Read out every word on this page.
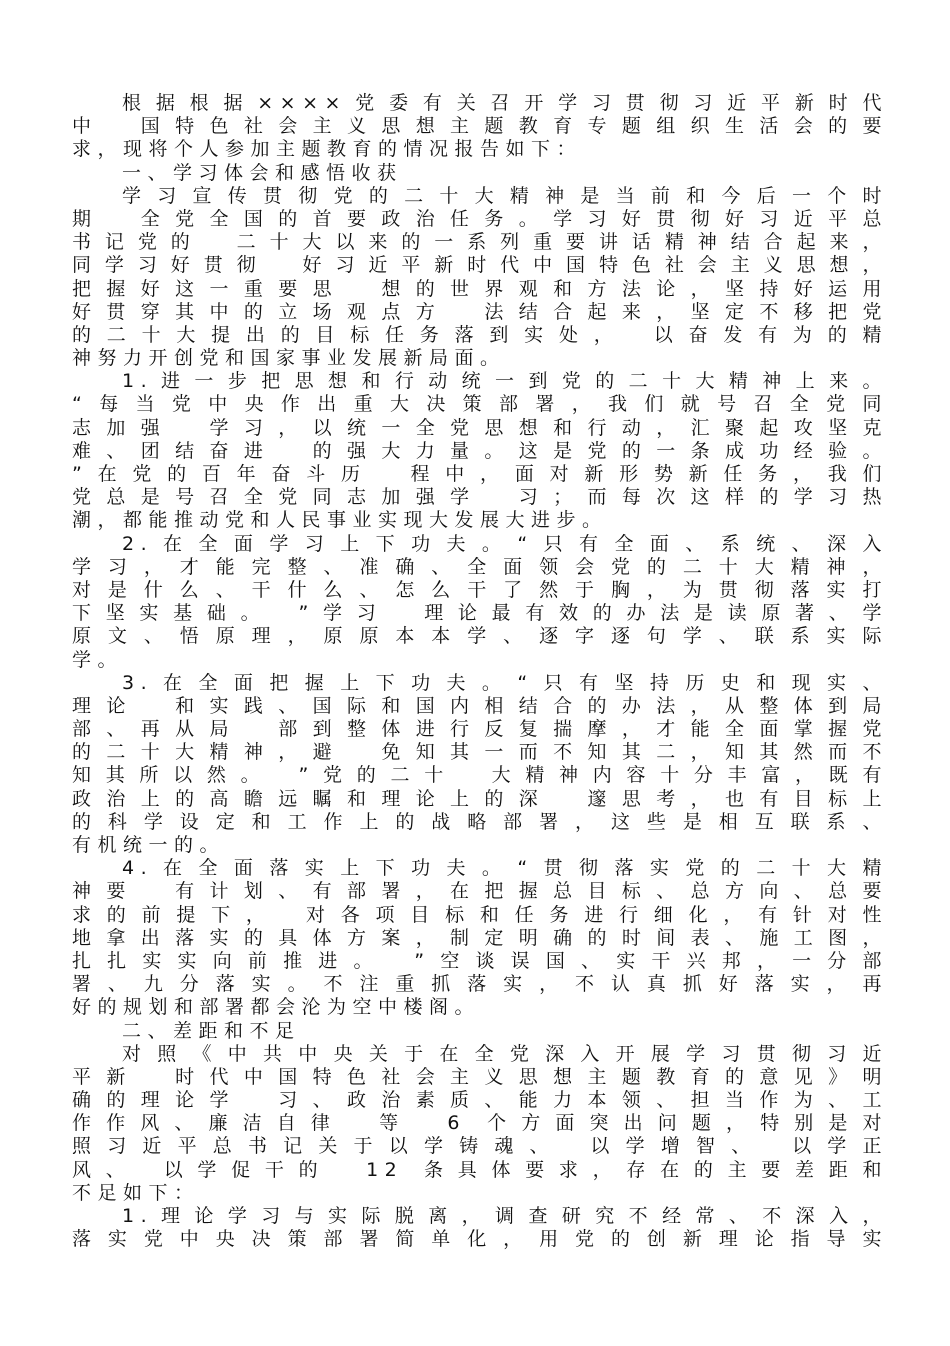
根据根据××××党委有关召开学习贯彻习近平新时代
中　国特色社会主义思想主题教育专题组织生活会的要
求，现将个人参加主题教育的情况报告如下：
一、学习体会和感悟收获
学习宣传贯彻党的二十大精神是当前和今后一个时
期　全党全国的首要政治任务。学习好贯彻好习近平总
书记党的　二十大以来的一系列重要讲话精神结合起来，
同学习好贯彻　好习近平新时代中国特色社会主义思想，
把握好这一重要思　想的世界观和方法论，坚持好运用
好贯穿其中的立场观点方　法结合起来，坚定不移把党
的二十大提出的目标任务落到实处，　以奋发有为的精
神努力开创党和国家事业发展新局面。
1.进一步把思想和行动统一到党的二十大精神上来。
“每当党中央作出重大决策部署，我们就号召全党同
志加强　学习，以统一全党思想和行动，汇聚起攻坚克
难、团结奋进　的强大力量。这是党的一条成功经验。
”在党的百年奋斗历　程中，面对新形势新任务，我们
党总是号召全党同志加强学　习；而每次这样的学习热
潮，都能推动党和人民事业实现大发展大进步。
2.在全面学习上下功夫。“只有全面、系统、深入
学习，才能完整、准确、全面领会党的二十大精神，
对是什么、干什么、怎么干了然于胸，为贯彻落实打
下坚实基础。　”学习　理论最有效的办法是读原著、学
原文、悟原理，原原本本学、逐字逐句学、联系实际
学。
3.在全面把握上下功夫。“只有坚持历史和现实、
理论　和实践、国际和国内相结合的办法，从整体到局
部、再从局　部到整体进行反复揣摩，才能全面掌握党
的二十大精神，避　免知其一而不知其二，知其然而不
知其所以然。　”党的二十　大精神内容十分丰富，既有
政治上的高瞻远瞩和理论上的深　邃思考，也有目标上
的科学设定和工作上的战略部署，这些是相互联系、
有机统一的。
4.在全面落实上下功夫。“贯彻落实党的二十大精
神要　有计划、有部署，在把握总目标、总方向、总要
求的前提下，　对各项目标和任务进行细化，有针对性
地拿出落实的具体方案，制定明确的时间表、施工图，
扎扎实实向前推进。　”空谈误国、实干兴邦，一分部
署、九分落实。不注重抓落实，不认真抓好落实，再
好的规划和部署都会沦为空中楼阁。
二、差距和不足
对照《中共中央关于在全党深入开展学习贯彻习近
平新　时代中国特色社会主义思想主题教育的意见》明
确的理论学　习、政治素质、能力本领、担当作为、工
作作风、廉洁自律　等　6 个方面突出问题，特别是对
照习近平总书记关于以学铸魂、　以学增智、　以学正
风、　以学促干的　12 条具体要求，存在的主要差距和
不足如下：
1.理论学习与实际脱离，调查研究不经常、不深入，
落实党中央决策部署简单化，用党的创新理论指导实
